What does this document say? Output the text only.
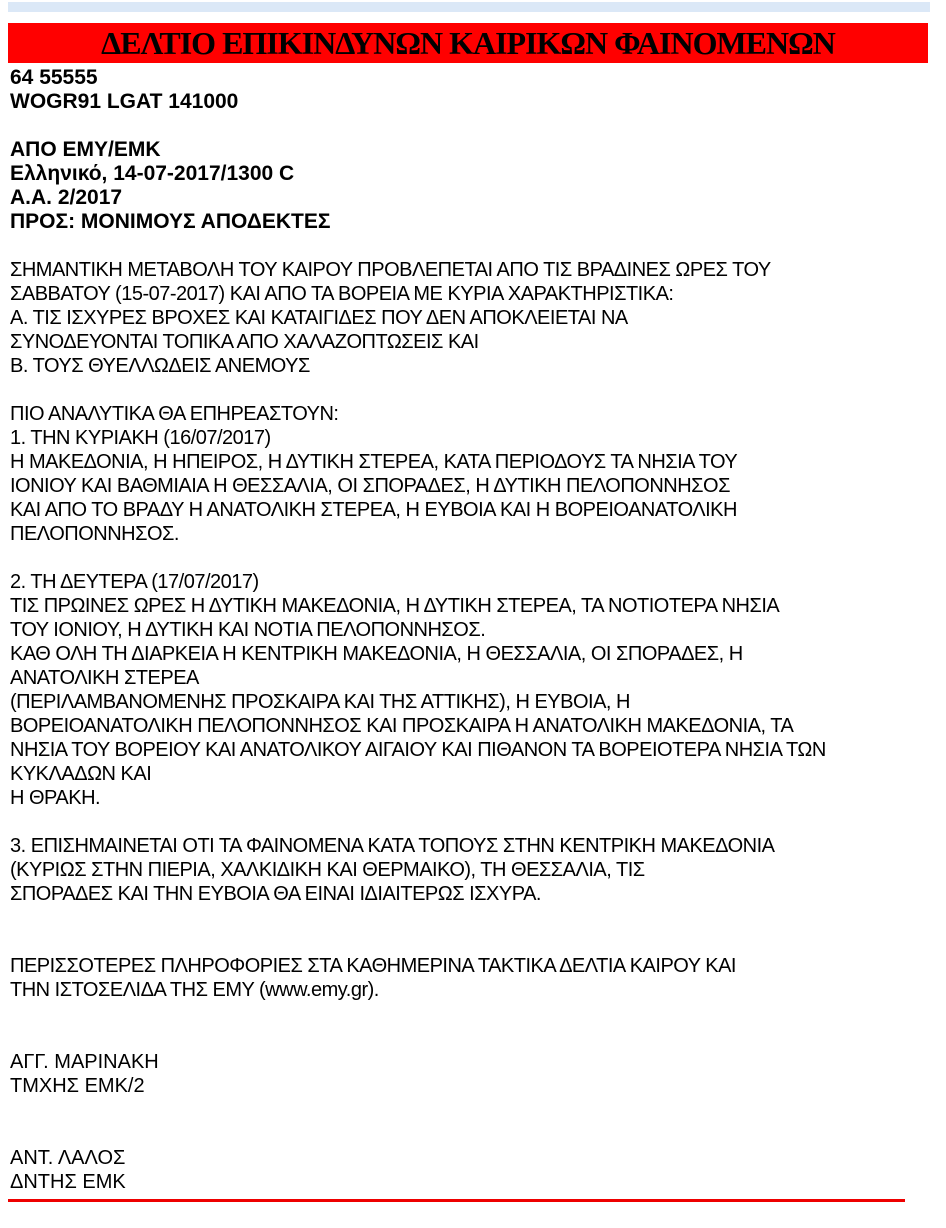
ΔΕΛΤΙΟ ΕΠΙΚΙΝΔΥΝΩΝ ΚΑΙΡΙΚΩΝ ΦΑΙΝΟΜΕΝΩΝ
64 55555
WOGR91 LGAT 141000
ΑΠΟ ΕΜΥ/ΕΜΚ
Ελληνικό, 14-07-2017/1300 C
Α.Α. 2/2017
ΠΡΟΣ: ΜΟΝΙΜΟΥΣ ΑΠΟΔΕΚΤΕΣ
ΣΗΜΑΝΤΙΚΗ ΜΕΤΑΒΟΛΗ ΤΟΥ ΚΑΙΡΟΥ ΠΡΟΒΛΕΠΕΤΑΙ ΑΠΟ ΤΙΣ ΒΡΑΔΙΝΕΣ ΩΡΕΣ ΤΟΥ
ΣΑΒΒΑΤΟΥ (15-07-2017) ΚΑΙ ΑΠΟ ΤΑ ΒΟΡΕΙΑ ΜΕ ΚΥΡΙΑ ΧΑΡΑΚΤΗΡΙΣΤΙΚΑ:
Α. ΤΙΣ ΙΣΧΥΡΕΣ ΒΡΟΧΕΣ ΚΑΙ ΚΑΤΑΙΓΙΔΕΣ ΠΟΥ ΔΕΝ ΑΠΟΚΛΕΙΕΤΑΙ ΝΑ
ΣΥΝΟΔΕΥΟΝΤΑΙ ΤΟΠΙΚΑ ΑΠΟ ΧΑΛΑΖΟΠΤΩΣΕΙΣ ΚΑΙ
Β. ΤΟΥΣ ΘΥΕΛΛΩΔΕΙΣ ΑΝΕΜΟΥΣ
ΠΙΟ ΑΝΑΛΥΤΙΚΑ ΘΑ ΕΠΗΡΕΑΣΤΟΥΝ:
1. ΤΗΝ ΚΥΡΙΑΚΗ (16/07/2017)
Η ΜΑΚΕΔΟΝΙΑ, Η ΗΠΕΙΡΟΣ, Η ΔΥΤΙΚΗ ΣΤΕΡΕΑ, ΚΑΤΑ ΠΕΡΙΟΔΟΥΣ ΤΑ ΝΗΣΙΑ ΤΟΥ
ΙΟΝΙΟΥ ΚΑΙ ΒΑΘΜΙΑΙΑ Η ΘΕΣΣΑΛΙΑ, ΟΙ ΣΠΟΡΑΔΕΣ, Η ΔΥΤΙΚΗ ΠΕΛΟΠΟΝΝΗΣΟΣ
ΚΑΙ ΑΠΟ ΤΟ ΒΡΑΔΥ Η ΑΝΑΤΟΛΙΚΗ ΣΤΕΡΕΑ, Η ΕΥΒΟΙΑ ΚΑΙ Η ΒΟΡΕΙΟΑΝΑΤΟΛΙΚΗ
ΠΕΛΟΠΟΝΝΗΣΟΣ.
2. ΤΗ ΔΕΥΤΕΡΑ (17/07/2017)
ΤΙΣ ΠΡΩΙΝΕΣ ΩΡΕΣ Η ΔΥΤΙΚΗ ΜΑΚΕΔΟΝΙΑ, Η ΔΥΤΙΚΗ ΣΤΕΡΕΑ, ΤΑ ΝΟΤΙΟΤΕΡΑ ΝΗΣΙΑ
ΤΟΥ ΙΟΝΙΟΥ, Η ΔΥΤΙΚΗ ΚΑΙ ΝΟΤΙΑ ΠΕΛΟΠΟΝΝΗΣΟΣ.
ΚΑΘ ΟΛΗ ΤΗ ΔΙΑΡΚΕΙΑ Η ΚΕΝΤΡΙΚΗ ΜΑΚΕΔΟΝΙΑ, Η ΘΕΣΣΑΛΙΑ, ΟΙ ΣΠΟΡΑΔΕΣ, Η
ΑΝΑΤΟΛΙΚΗ ΣΤΕΡΕΑ
(ΠΕΡΙΛΑΜΒΑΝΟΜΕΝΗΣ ΠΡΟΣΚΑΙΡΑ ΚΑΙ ΤΗΣ ΑΤΤΙΚΗΣ), Η ΕΥΒΟΙΑ, Η
ΒΟΡΕΙΟΑΝΑΤΟΛΙΚΗ ΠΕΛΟΠΟΝΝΗΣΟΣ ΚΑΙ ΠΡΟΣΚΑΙΡΑ Η ΑΝΑΤΟΛΙΚΗ ΜΑΚΕΔΟΝΙΑ, ΤΑ
ΝΗΣΙΑ ΤΟΥ ΒΟΡΕΙΟΥ ΚΑΙ ΑΝΑΤΟΛΙΚΟΥ ΑΙΓΑΙΟΥ ΚΑΙ ΠΙΘΑΝΟΝ ΤΑ ΒΟΡΕΙΟΤΕΡΑ ΝΗΣΙΑ ΤΩΝ
ΚΥΚΛΑΔΩΝ ΚΑΙ
Η ΘΡΑΚΗ.
3. ΕΠΙΣΗΜΑΙΝΕΤΑΙ ΟΤΙ ΤΑ ΦΑΙΝΟΜΕΝΑ ΚΑΤΑ ΤΟΠΟΥΣ ΣΤΗΝ ΚΕΝΤΡΙΚΗ ΜΑΚΕΔΟΝΙΑ
(ΚΥΡΙΩΣ ΣΤΗΝ ΠΙΕΡΙΑ, ΧΑΛΚΙΔΙΚΗ ΚΑΙ ΘΕΡΜΑΙΚΟ), ΤΗ ΘΕΣΣΑΛΙΑ, ΤΙΣ
ΣΠΟΡΑΔΕΣ ΚΑΙ ΤΗΝ ΕΥΒΟΙΑ ΘΑ ΕΙΝΑΙ ΙΔΙΑΙΤΕΡΩΣ ΙΣΧΥΡΑ.
ΠΕΡΙΣΣΟΤΕΡΕΣ ΠΛΗΡΟΦΟΡΙΕΣ ΣΤΑ ΚΑΘΗΜΕΡΙΝΑ ΤΑΚΤΙΚΑ ΔΕΛΤΙΑ ΚΑΙΡΟΥ ΚΑΙ
ΤΗΝ ΙΣΤΟΣΕΛΙΔΑ ΤΗΣ ΕΜΥ (www.emy.gr).
ΑΓΓ. ΜΑΡΙΝΑΚΗ
ΤΜΧΗΣ ΕΜΚ/2
ΑΝΤ. ΛΑΛΟΣ
ΔΝΤΗΣ ΕΜΚ
